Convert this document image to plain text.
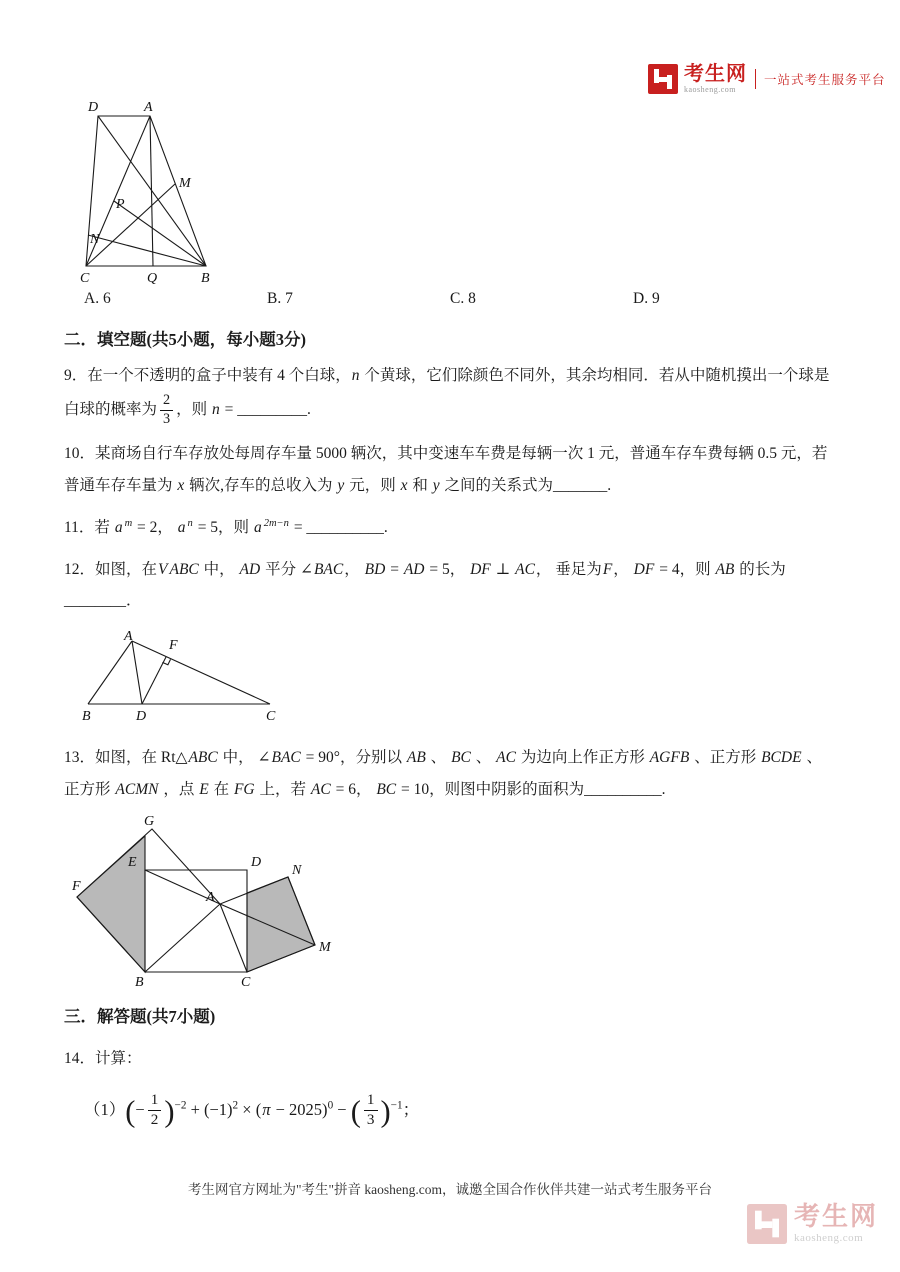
考生网
kaosheng.com
一站式考生服务平台
D	A
M
P
N
C	Q	B
A. 6	B. 7	C. 8	D. 9
二．填空题(共5小题，每小题3分)

9．在一个不透明的盒子中装有 4 个白球，n 个黄球，它们除颜色不同外，其余均相同．若从中随机摸出一个球是白球的概率为 $\frac{2}{3}$ ，则 n = _________.

10．某商场自行车存放处每周存车量 5000 辆次，其中变速车车费是每辆一次 1 元，普通车存车费每辆 0.5 元，若普通车存车量为 x 辆次,存车的总收入为 y 元，则 x 和 y 之间的关系式为_______.

11．若 a $^m$ = 2， a $^n$ = 5，则 a $^{2m-n}$ = __________.

12．如图，在V ABC 中， AD 平分 ∠BAC， BD = AD = 5， DF ⊥ AC， 垂足为F， DF = 4，则 AB 的长为________．

A
F
B	D	C

13．如图，在 Rt△ABC 中， ∠BAC = 90°，分别以 AB 、 BC 、 AC 为边向上作正方形 AGFB 、正方形 BCDE 、正方形 ACMN ，点 E 在 FG 上，若 AC = 6， BC = 10，则图中阴影的面积为__________.

G
E	D
F
N
A
M
B	C
三．解答题(共7小题)

14．计算：

$(1)(- \frac{1}{2} )^{-2} + (-1)^2 \times (\pi - 2025)^0$ − ( $\frac{1}{3} )^{-1}$；
考生网官方网址为"考生"拼音 kaosheng.com，诚邀全国合作伙伴共建一站式考生服务平台
考生网
kaosheng.com
